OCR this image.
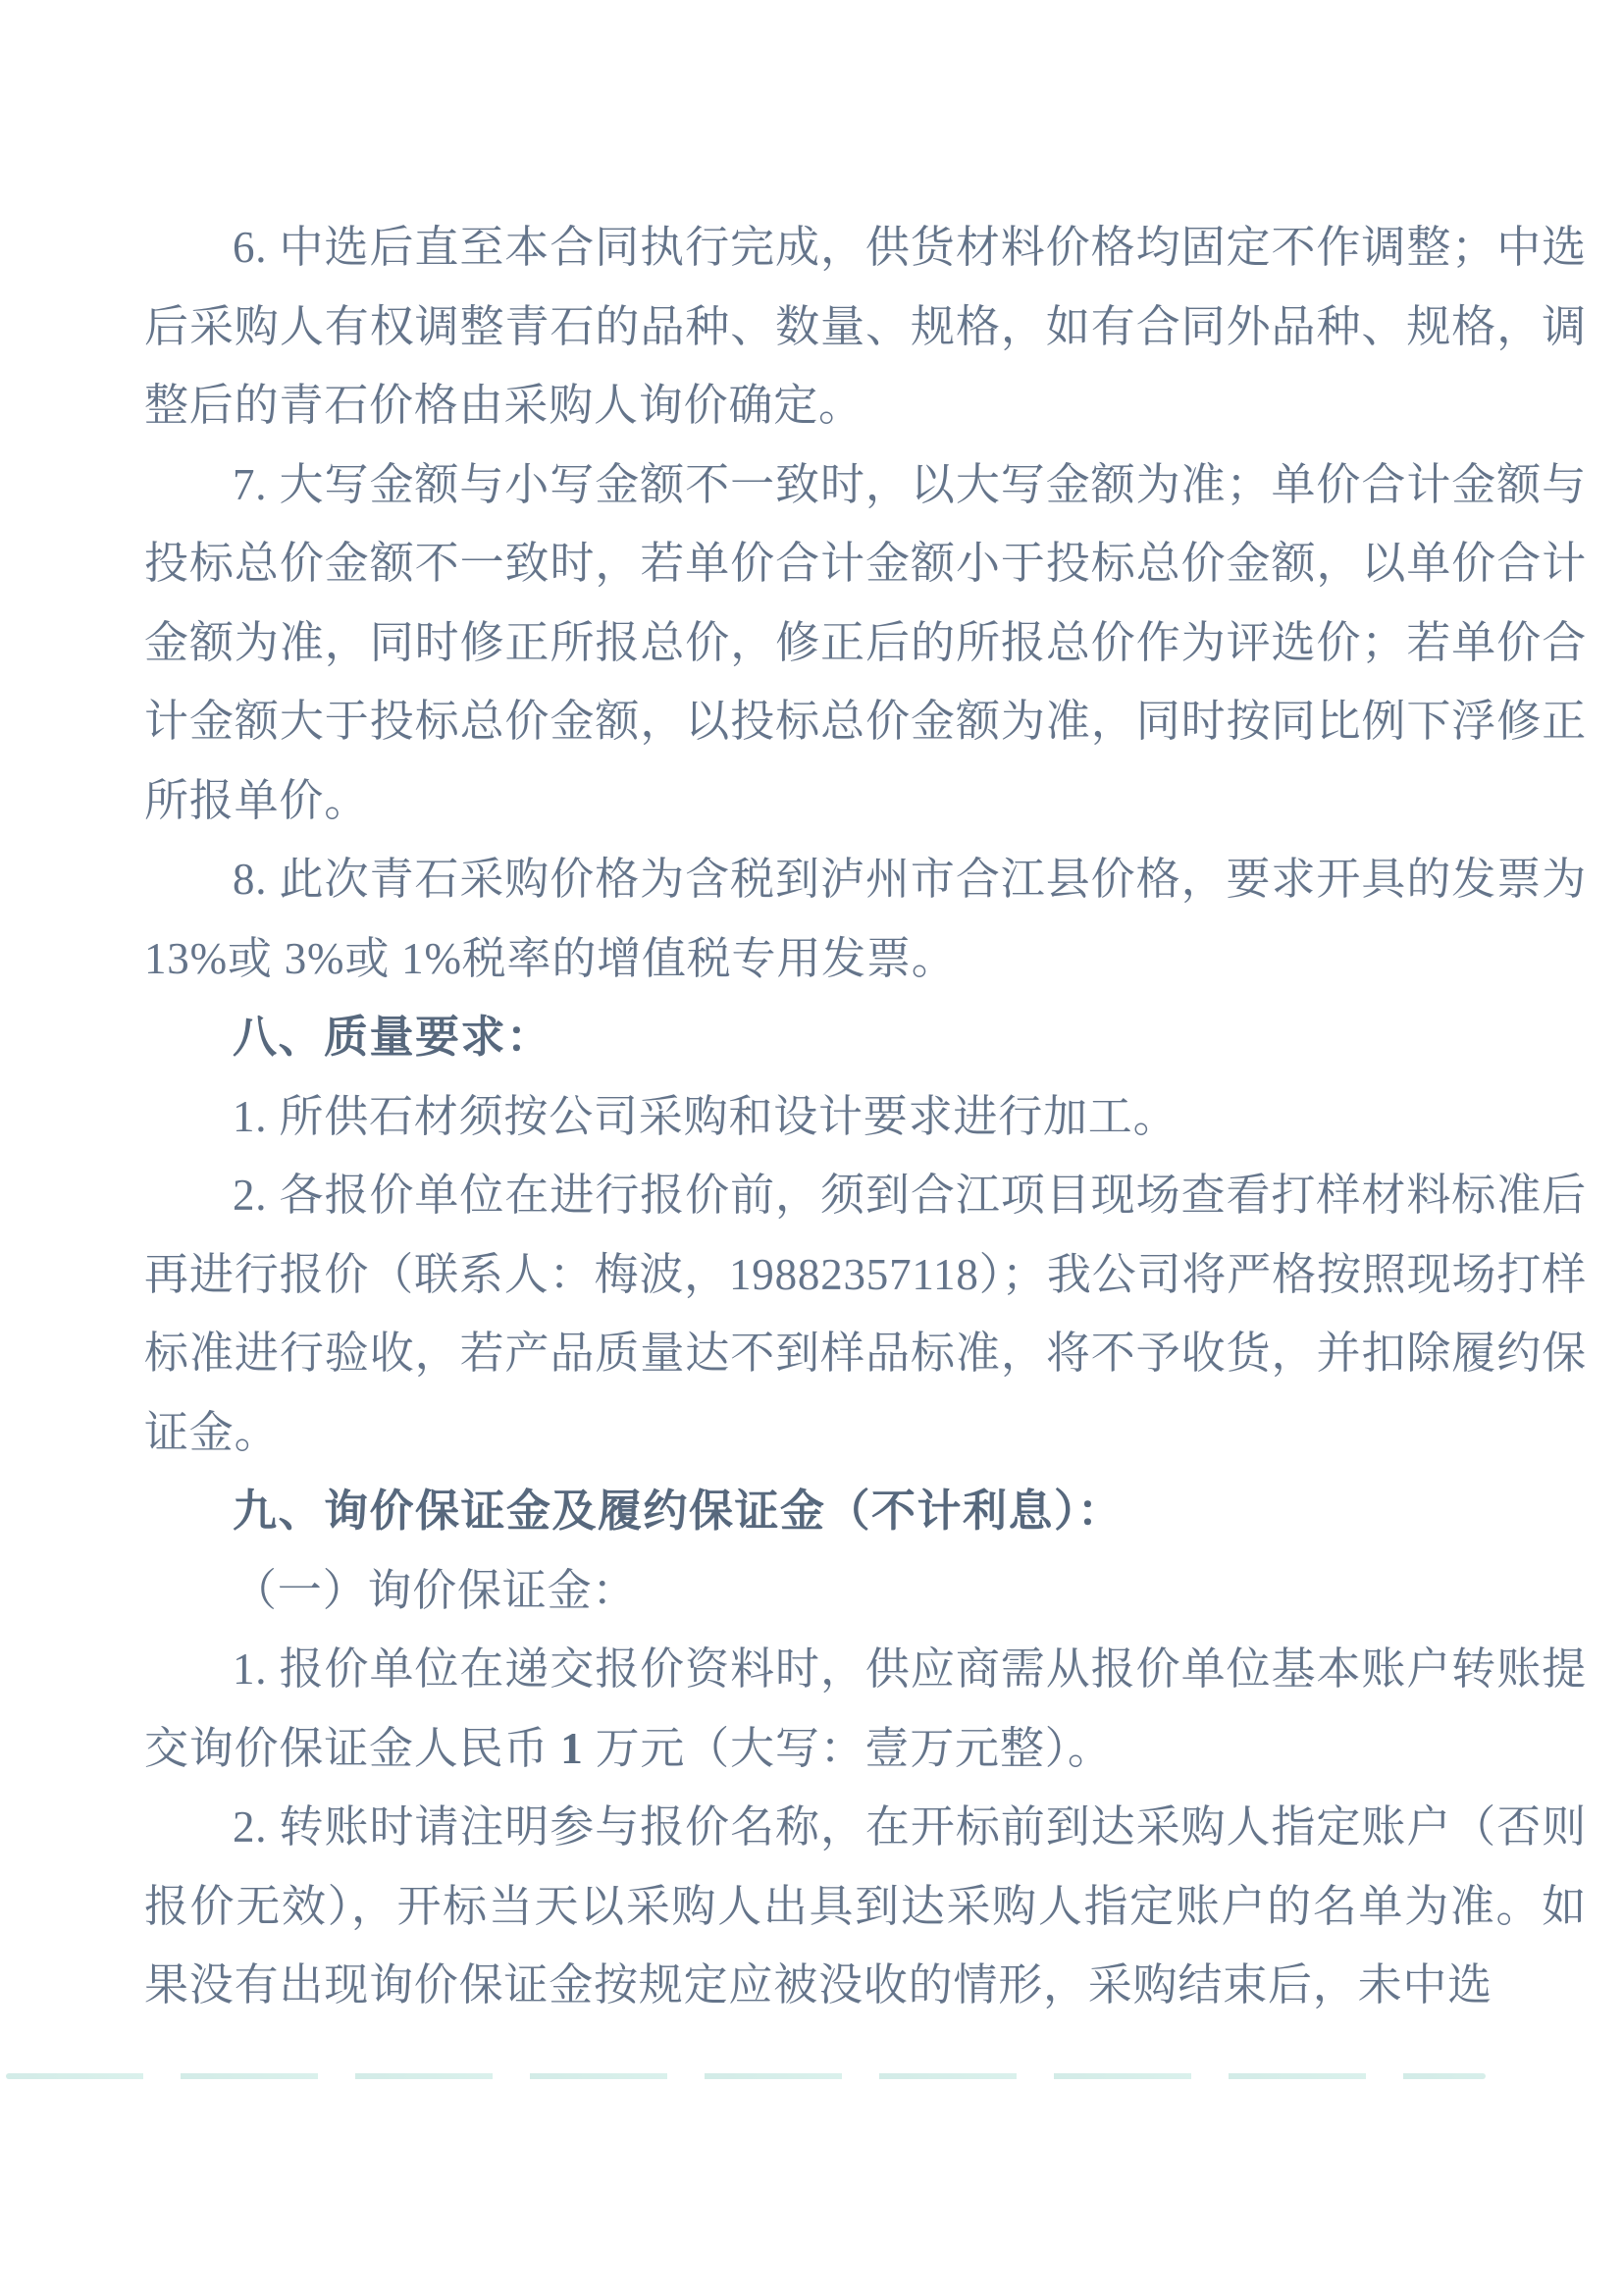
6. 中选后直至本合同执行完成，供货材料价格均固定不作调整；中选后采购人有权调整青石的品种、数量、规格，如有合同外品种、规格，调整后的青石价格由采购人询价确定。

7. 大写金额与小写金额不一致时，以大写金额为准；单价合计金额与投标总价金额不一致时，若单价合计金额小于投标总价金额，以单价合计金额为准，同时修正所报总价，修正后的所报总价作为评选价；若单价合计金额大于投标总价金额，以投标总价金额为准，同时按同比例下浮修正所报单价。

8. 此次青石采购价格为含税到泸州市合江县价格，要求开具的发票为 13%或 3%或 1%税率的增值税专用发票。

八、质量要求：

1. 所供石材须按公司采购和设计要求进行加工。

2. 各报价单位在进行报价前，须到合江项目现场查看打样材料标准后再进行报价（联系人：梅波，19882357118）；我公司将严格按照现场打样标准进行验收，若产品质量达不到样品标准，将不予收货，并扣除履约保证金。

九、询价保证金及履约保证金（不计利息）：

（一）询价保证金：

1. 报价单位在递交报价资料时，供应商需从报价单位基本账户转账提交询价保证金人民币 1 万元（大写：壹万元整）。

2. 转账时请注明参与报价名称，在开标前到达采购人指定账户（否则报价无效），开标当天以采购人出具到达采购人指定账户的名单为准。如果没有出现询价保证金按规定应被没收的情形，采购结束后，未中选
